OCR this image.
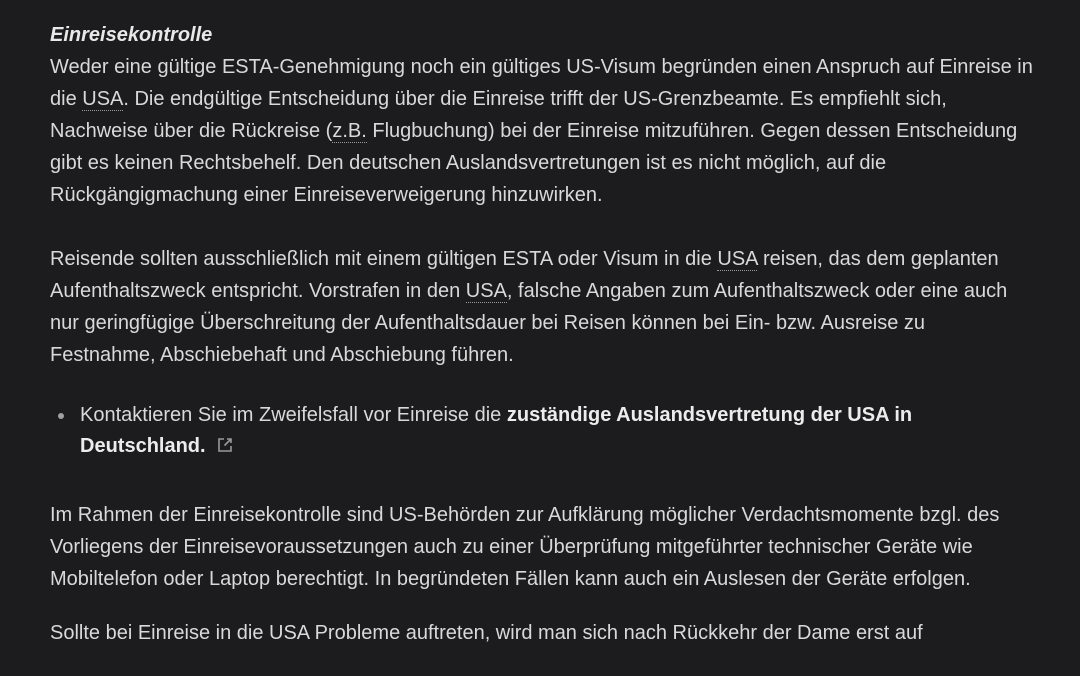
Einreisekontrolle

Weder eine gültige ESTA-Genehmigung noch ein gültiges US-Visum begründen einen Anspruch auf Einreise in die USA. Die endgültige Entscheidung über die Einreise trifft der US-Grenzbeamte. Es empfiehlt sich, Nachweise über die Rückreise (z.B. Flugbuchung) bei der Einreise mitzuführen. Gegen dessen Entscheidung gibt es keinen Rechtsbehelf. Den deutschen Auslandsvertretungen ist es nicht möglich, auf die Rückgängigmachung einer Einreiseverweigerung hinzuwirken.

Reisende sollten ausschließlich mit einem gültigen ESTA oder Visum in die USA reisen, das dem geplanten Aufenthaltszweck entspricht. Vorstrafen in den USA, falsche Angaben zum Aufenthaltszweck oder eine auch nur geringfügige Überschreitung der Aufenthaltsdauer bei Reisen können bei Ein- bzw. Ausreise zu Festnahme, Abschiebehaft und Abschiebung führen.

Kontaktieren Sie im Zweifelsfall vor Einreise die zuständige Auslandsvertretung der USA in Deutschland.

Im Rahmen der Einreisekontrolle sind US-Behörden zur Aufklärung möglicher Verdachtsmomente bzgl. des Vorliegens der Einreisevoraussetzungen auch zu einer Überprüfung mitgeführter technischer Geräte wie Mobiltelefon oder Laptop berechtigt. In begründeten Fällen kann auch ein Auslesen der Geräte erfolgen.

Sollte bei Einreise in die USA Probleme auftreten, wird man sich nach Rückkehr der Dame erst auf
